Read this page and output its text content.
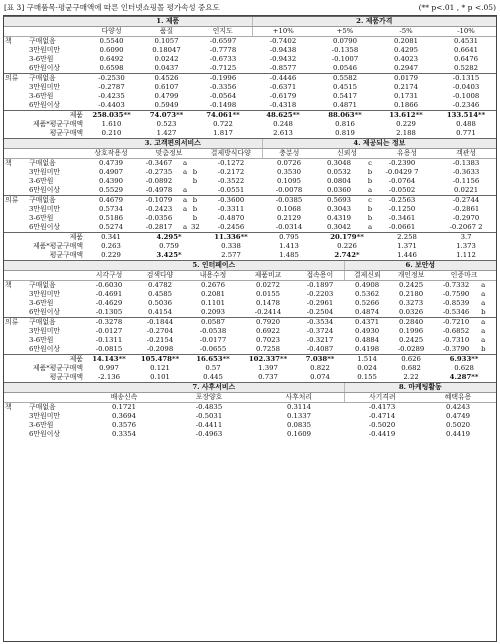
[표 3] 구매품목·평균구매액에 따른 인터넷쇼핑몰 평가속성 중요도	(** p<.01 , * p <.05)
		1. 제품			2. 제품가격			
		다양성	품질	인지도	+10%	+5%	-5%	-10%
책	구매없음	0.5540	0.1057	-0.6597	-0.7402	0.0790	0.2081	0.4531
	3만원미만	0.6090	0.18047	-0.7778	-0.9438	-0.1358	0.4295	0.6641
	3-6만원	0.6492	0.0242	-0.6733	-0.9432	-0.1007	0.4023	0.6476
	6만원이상	0.6598	0.0437	-0.7125	-0.8577	0.0546	0.2947	0.5282
의류	구매없음	-0.2530	0.4526	-0.1996	-0.4446	0.5582	0.0179	-0.1315
	3만원미만	-0.2787	0.6107	-0.3356	-0.6371	0.4515	0.2174	-0.0403
	3-6만원	-0.4235	0.4799	-0.0564	-0.6179	0.5417	0.1731	-0.1008
	6만원이상	-0.4403	0.5949	-0.1498	-0.4318	0.4871	0.1866	-0.2346
제품		258.035**	74.073**	74.061**	48.625**	88.063**	13.612**	133.514**
제품*평균구매액		1.610	0.523	0.722	0.248	0.816	0.229	0.488
평균구매액		0.210	1.427	1.817	2.613	0.819	2.188	0.771
		3. 고객편의서비스					4. 제공되는 정보					
		상호작용성	맞춤정보			결제방식다양	충분성	신뢰성		유용성		객관성
책	구매없음	0.4739	-0.3467	a		-0.1272	0.0726	0.3048	c	-0.2390		-0.1383
	3만원미만	0.4907	-0.2735	a	b	-0.2172	0.3530	0.0532	b	-0.0429 7		-0.3633
	3-6만원	0.4390	-0.0892		b	-0.3522	0.1095	0.0804	b	-0.0764		-0.1156
	6만원이상	0.5529	-0.4978	a		-0.0551	-0.0078	0.0360	a	-0.0502		0.0221
의류	구매없음	0.4679	-0.1079	a	b	-0.3600	-0.0385	0.5693	c	-0.2563		-0.2744
	3만원미만	0.5734	-0.2423	a	b	-0.3311	0.1068	0.3043	b	-0.1250		-0.2861
	3-6만원	0.5186	-0.0356		b	-0.4870	0.2129	0.4319	b	-0.3461		-0.2970
	6만원이상	0.5274	-0.2817	a	32	-0.2456	-0.0314	0.3042	a	-0.0661		-0.2067 2
제품		0.341	4.295*			11.336**	0.795	20.179**		2.258		3.7
제품*평균구매액		0.263	0.759			0.338	1.413	0.226		1.371		1.373
평균구매액		0.229	3.425*			2.577	1.485	2.742*		1.446		1.112
		5. 인터페이스					6. 보안성			
		시각구성	검색다양	내용수정	제품비교	접속용이	결제신뢰	개인정보	인증마크	
책	구매없음	-0.6030	0.4782	0.2676	0.0272	-0.1897	0.4908	0.2425	-0.7332	a
	3만원미만	-0.4691	0.4585	0.2081	0.0155	-0.2203	0.5362	0.2180	-0.7590	a
	3-6만원	-0.4629	0.5036	0.1101	0.1478	-0.2961	0.5266	0.3273	-0.8539	a
	6만원이상	-0.1305	0.4154	0.2093	-0.2414	-0.2504	0.4874	0.0326	-0.5346	b
의류	구매없음	-0.3278	-0.1844	0.0587	0.7920	-0.3534	0.4371	0.2840	-0.7210	a
	3만원미만	-0.0127	-0.2704	-0.0538	0.6922	-0.3724	0.4930	0.1996	-0.6852	a
	3-6만원	-0.1311	-0.2154	-0.0177	0.7023	-0.3217	0.4884	0.2425	-0.7310	a
	6만원이상	-0.0815	-0.2098	-0.0655	0.7258	-0.4087	0.4198	-0.0289	-0.3790	b
제품		14.143**	105.478**	16.653**	102.337**	7.038**	1.514	0.626	6.933**	
제품*평균구매액		0.997	0.121	0.57	1.397	0.822	0.024	0.682	0.628	
평균구매액		-2.136	0.101	0.445	0.737	0.074	0.155	2.22	4.287**	
		7. 사후서비스			8. 마케팅활동	
		배송신속	포장양호	사후처리	사기격려	혜택유용
책	구매없음	0.1721	-0.4835	0.3114	-0.4173	0.4243
	3만원미만	0.3694	-0.5031	0.1337	-0.4714	0.4749
	3-6만원	0.3576	-0.4411	0.0835	-0.5020	0.5020
	6만원이상	0.3354	-0.4963	0.1609	-0.4419	0.4419
